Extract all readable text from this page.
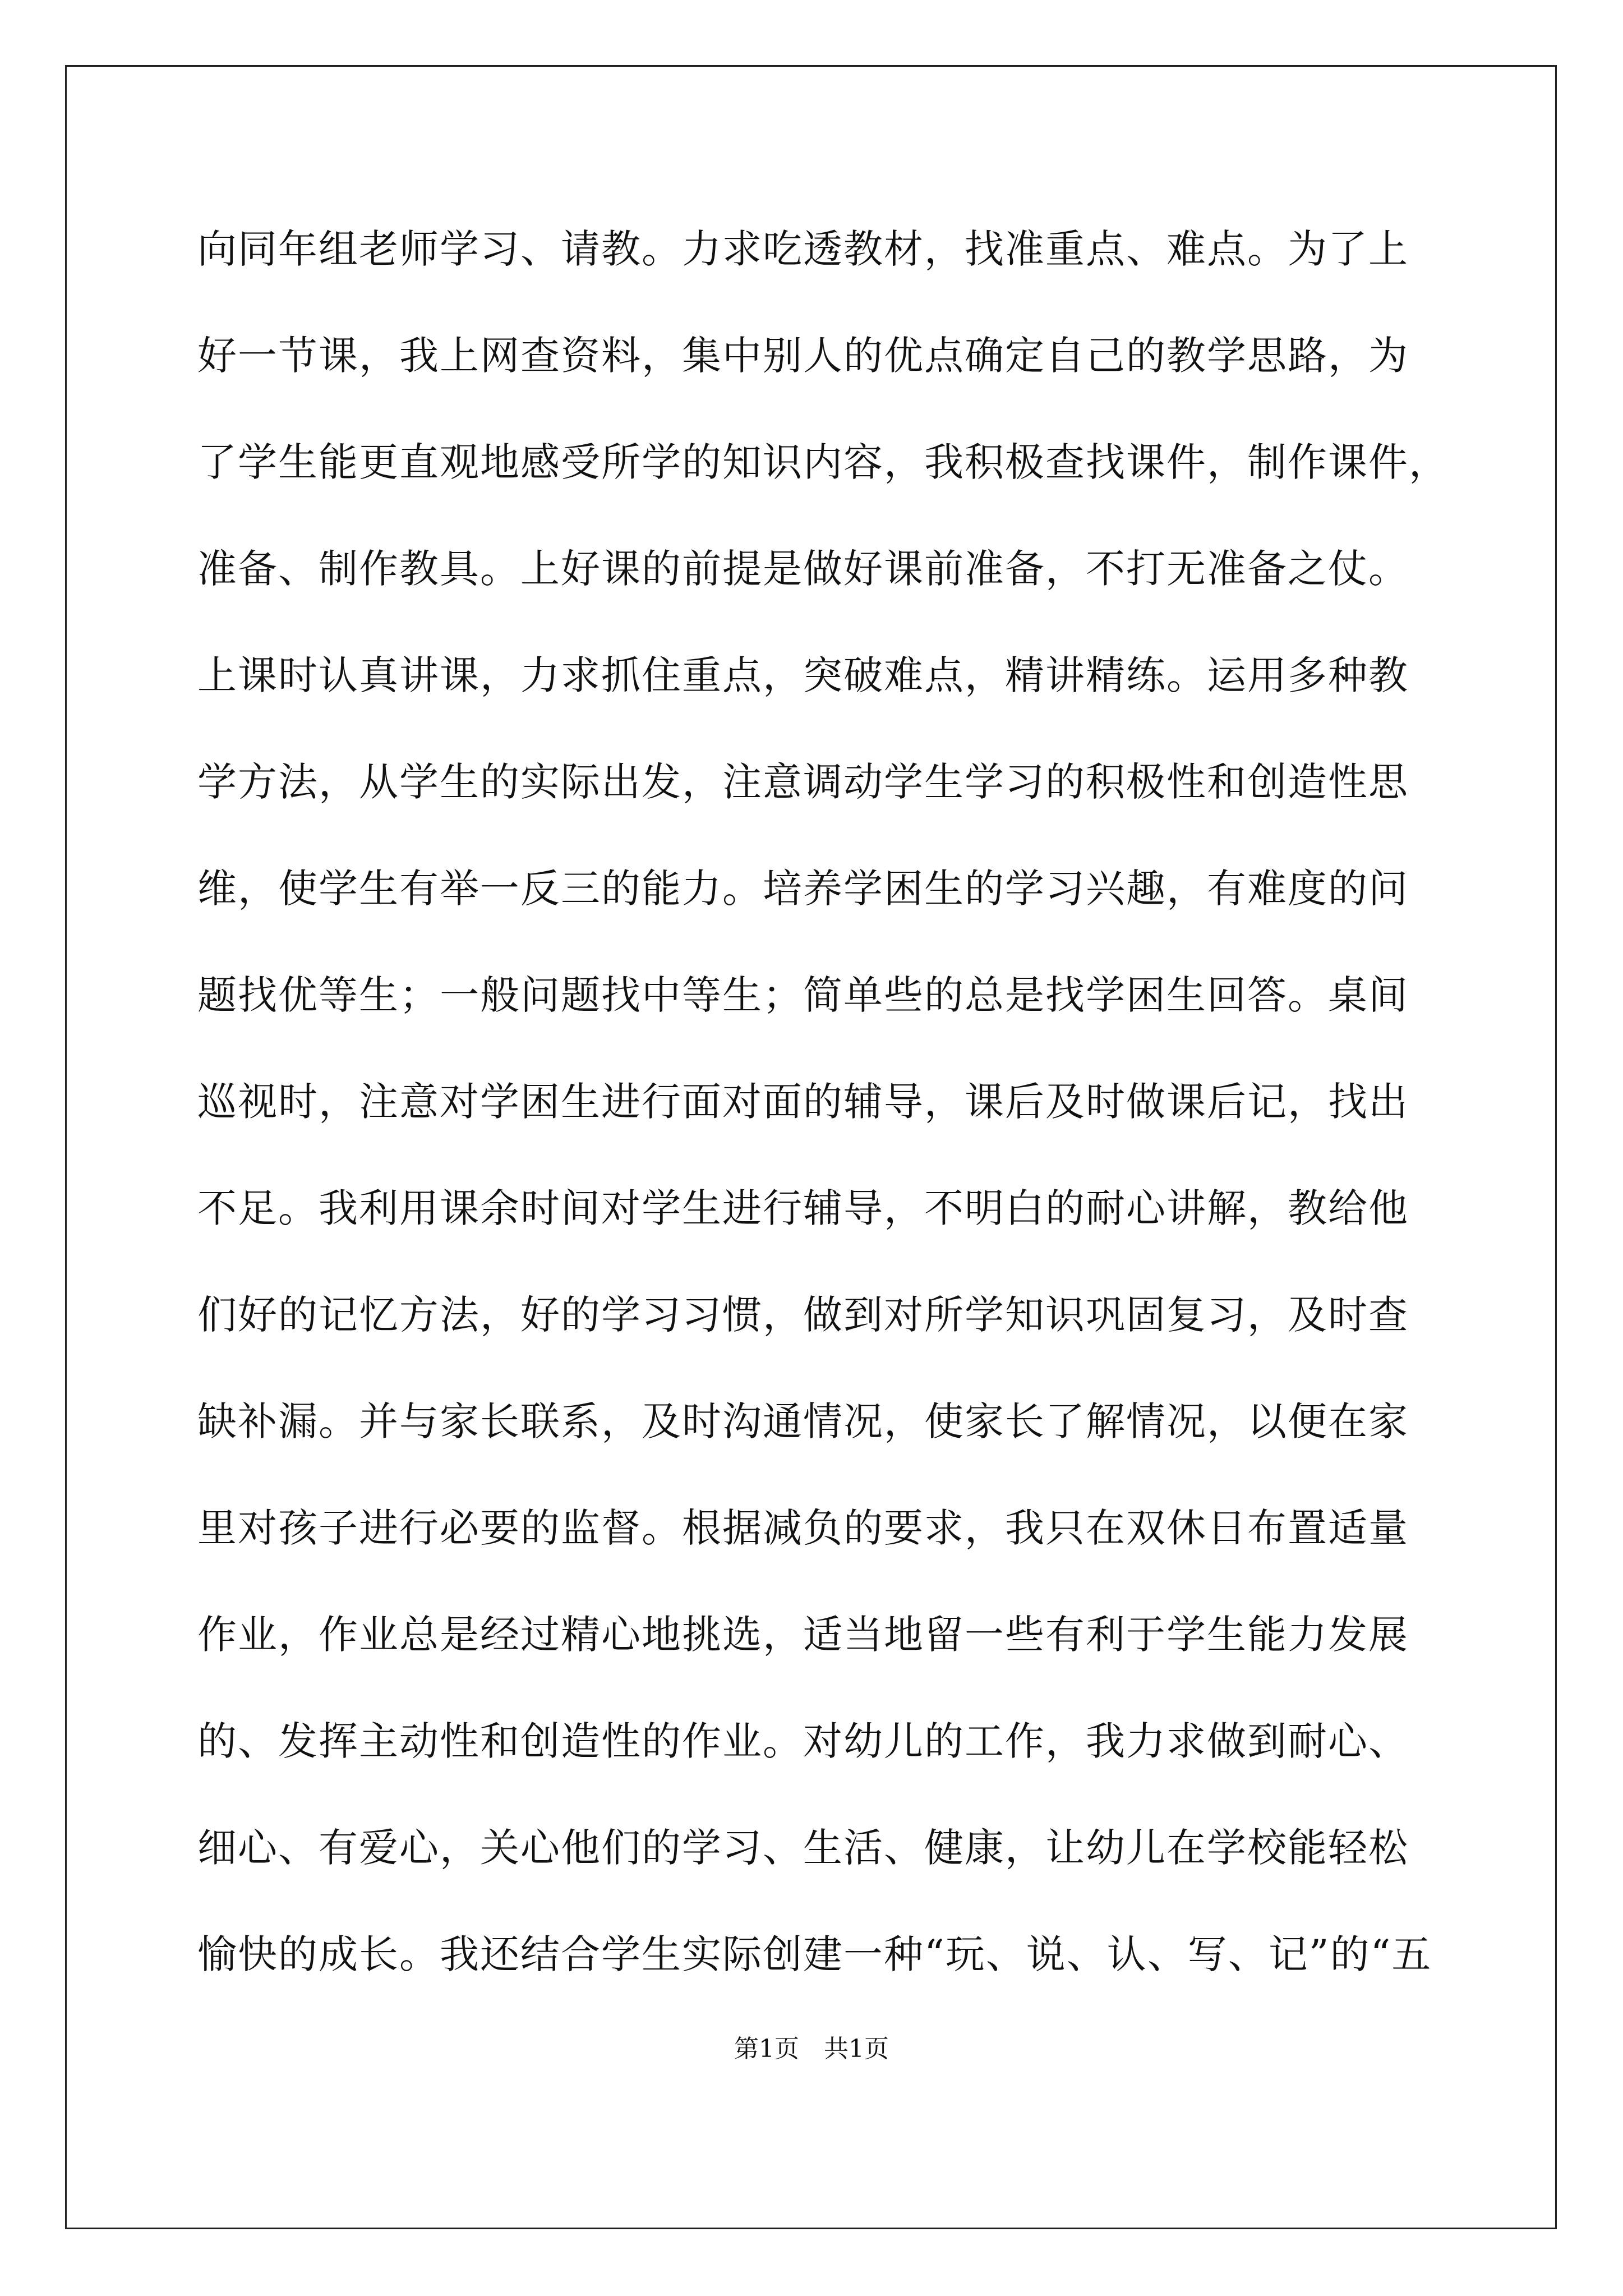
向同年组老师学习、请教。力求吃透教材，找准重点、难点。为了上
好一节课，我上网查资料，集中别人的优点确定自己的教学思路，为
了学生能更直观地感受所学的知识内容，我积极查找课件，制作课件，
准备、制作教具。上好课的前提是做好课前准备，不打无准备之仗。
上课时认真讲课，力求抓住重点，突破难点，精讲精练。运用多种教
学方法，从学生的实际出发，注意调动学生学习的积极性和创造性思
维，使学生有举一反三的能力。培养学困生的学习兴趣，有难度的问
题找优等生；一般问题找中等生；简单些的总是找学困生回答。桌间
巡视时，注意对学困生进行面对面的辅导，课后及时做课后记，找出
不足。我利用课余时间对学生进行辅导，不明白的耐心讲解，教给他
们好的记忆方法，好的学习习惯，做到对所学知识巩固复习，及时查
缺补漏。并与家长联系，及时沟通情况，使家长了解情况，以便在家
里对孩子进行必要的监督。根据减负的要求，我只在双休日布置适量
作业，作业总是经过精心地挑选，适当地留一些有利于学生能力发展
的、发挥主动性和创造性的作业。对幼儿的工作，我力求做到耐心、
细心、有爱心，关心他们的学习、生活、健康，让幼儿在学校能轻松
愉快的成长。我还结合学生实际创建一种“玩、说、认、写、记”的“五
第1页　共1页
